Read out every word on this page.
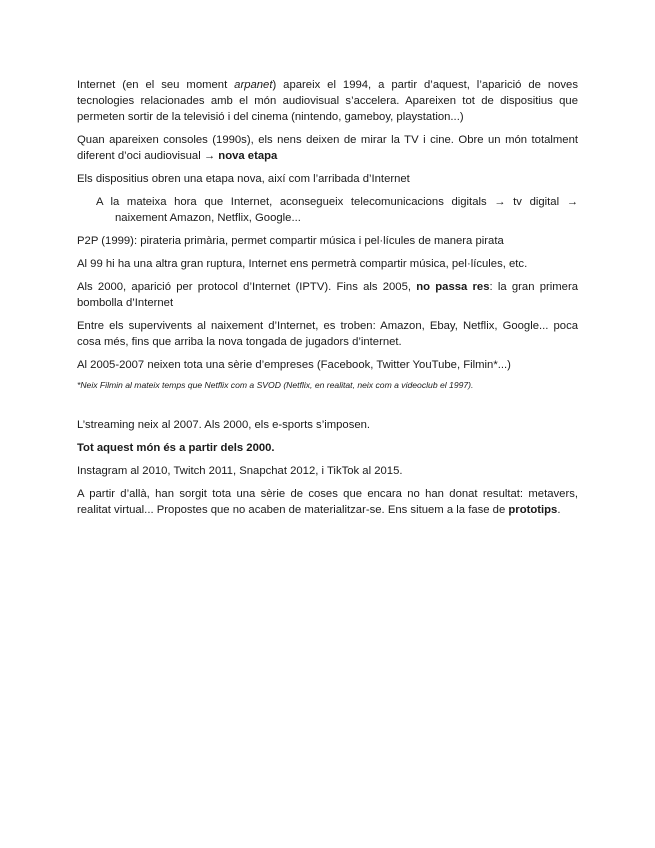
Internet (en el seu moment arpanet) apareix el 1994, a partir d’aquest, l’aparició de noves tecnologies relacionades amb el món audiovisual s’accelera. Apareixen tot de dispositius que permeten sortir de la televisió i del cinema (nintendo, gameboy, playstation...)

Quan apareixen consoles (1990s), els nens deixen de mirar la TV i cine. Obre un món totalment diferent d’oci audiovisual → nova etapa

Els dispositius obren una etapa nova, així com l’arribada d’Internet

A la mateixa hora que Internet, aconsegueix telecomunicacions digitals → tv digital → naixement Amazon, Netflix, Google...

P2P (1999): pirateria primària, permet compartir música i pel·lícules de manera pirata

Al 99 hi ha una altra gran ruptura, Internet ens permetrà compartir música, pel·lícules, etc.

Als 2000, aparició per protocol d’Internet (IPTV). Fins als 2005, no passa res: la gran primera bombolla d’Internet

Entre els supervivents al naixement d’Internet, es troben: Amazon, Ebay, Netflix, Google... poca cosa més, fins que arriba la nova tongada de jugadors d’internet.

Al 2005-2007 neixen tota una sèrie d’empreses (Facebook, Twitter YouTube, Filmin*...)

*Neix Filmin al mateix temps que Netflix com a SVOD (Netflix, en realitat, neix com a videoclub el 1997).

L’streaming neix al 2007. Als 2000, els e-sports s’imposen.

Tot aquest món és a partir dels 2000.

Instagram al 2010, Twitch 2011, Snapchat 2012, i TikTok al 2015.

A partir d’allà, han sorgit tota una sèrie de coses que encara no han donat resultat: metavers, realitat virtual... Propostes que no acaben de materialitzar-se. Ens situem a la fase de prototips.
